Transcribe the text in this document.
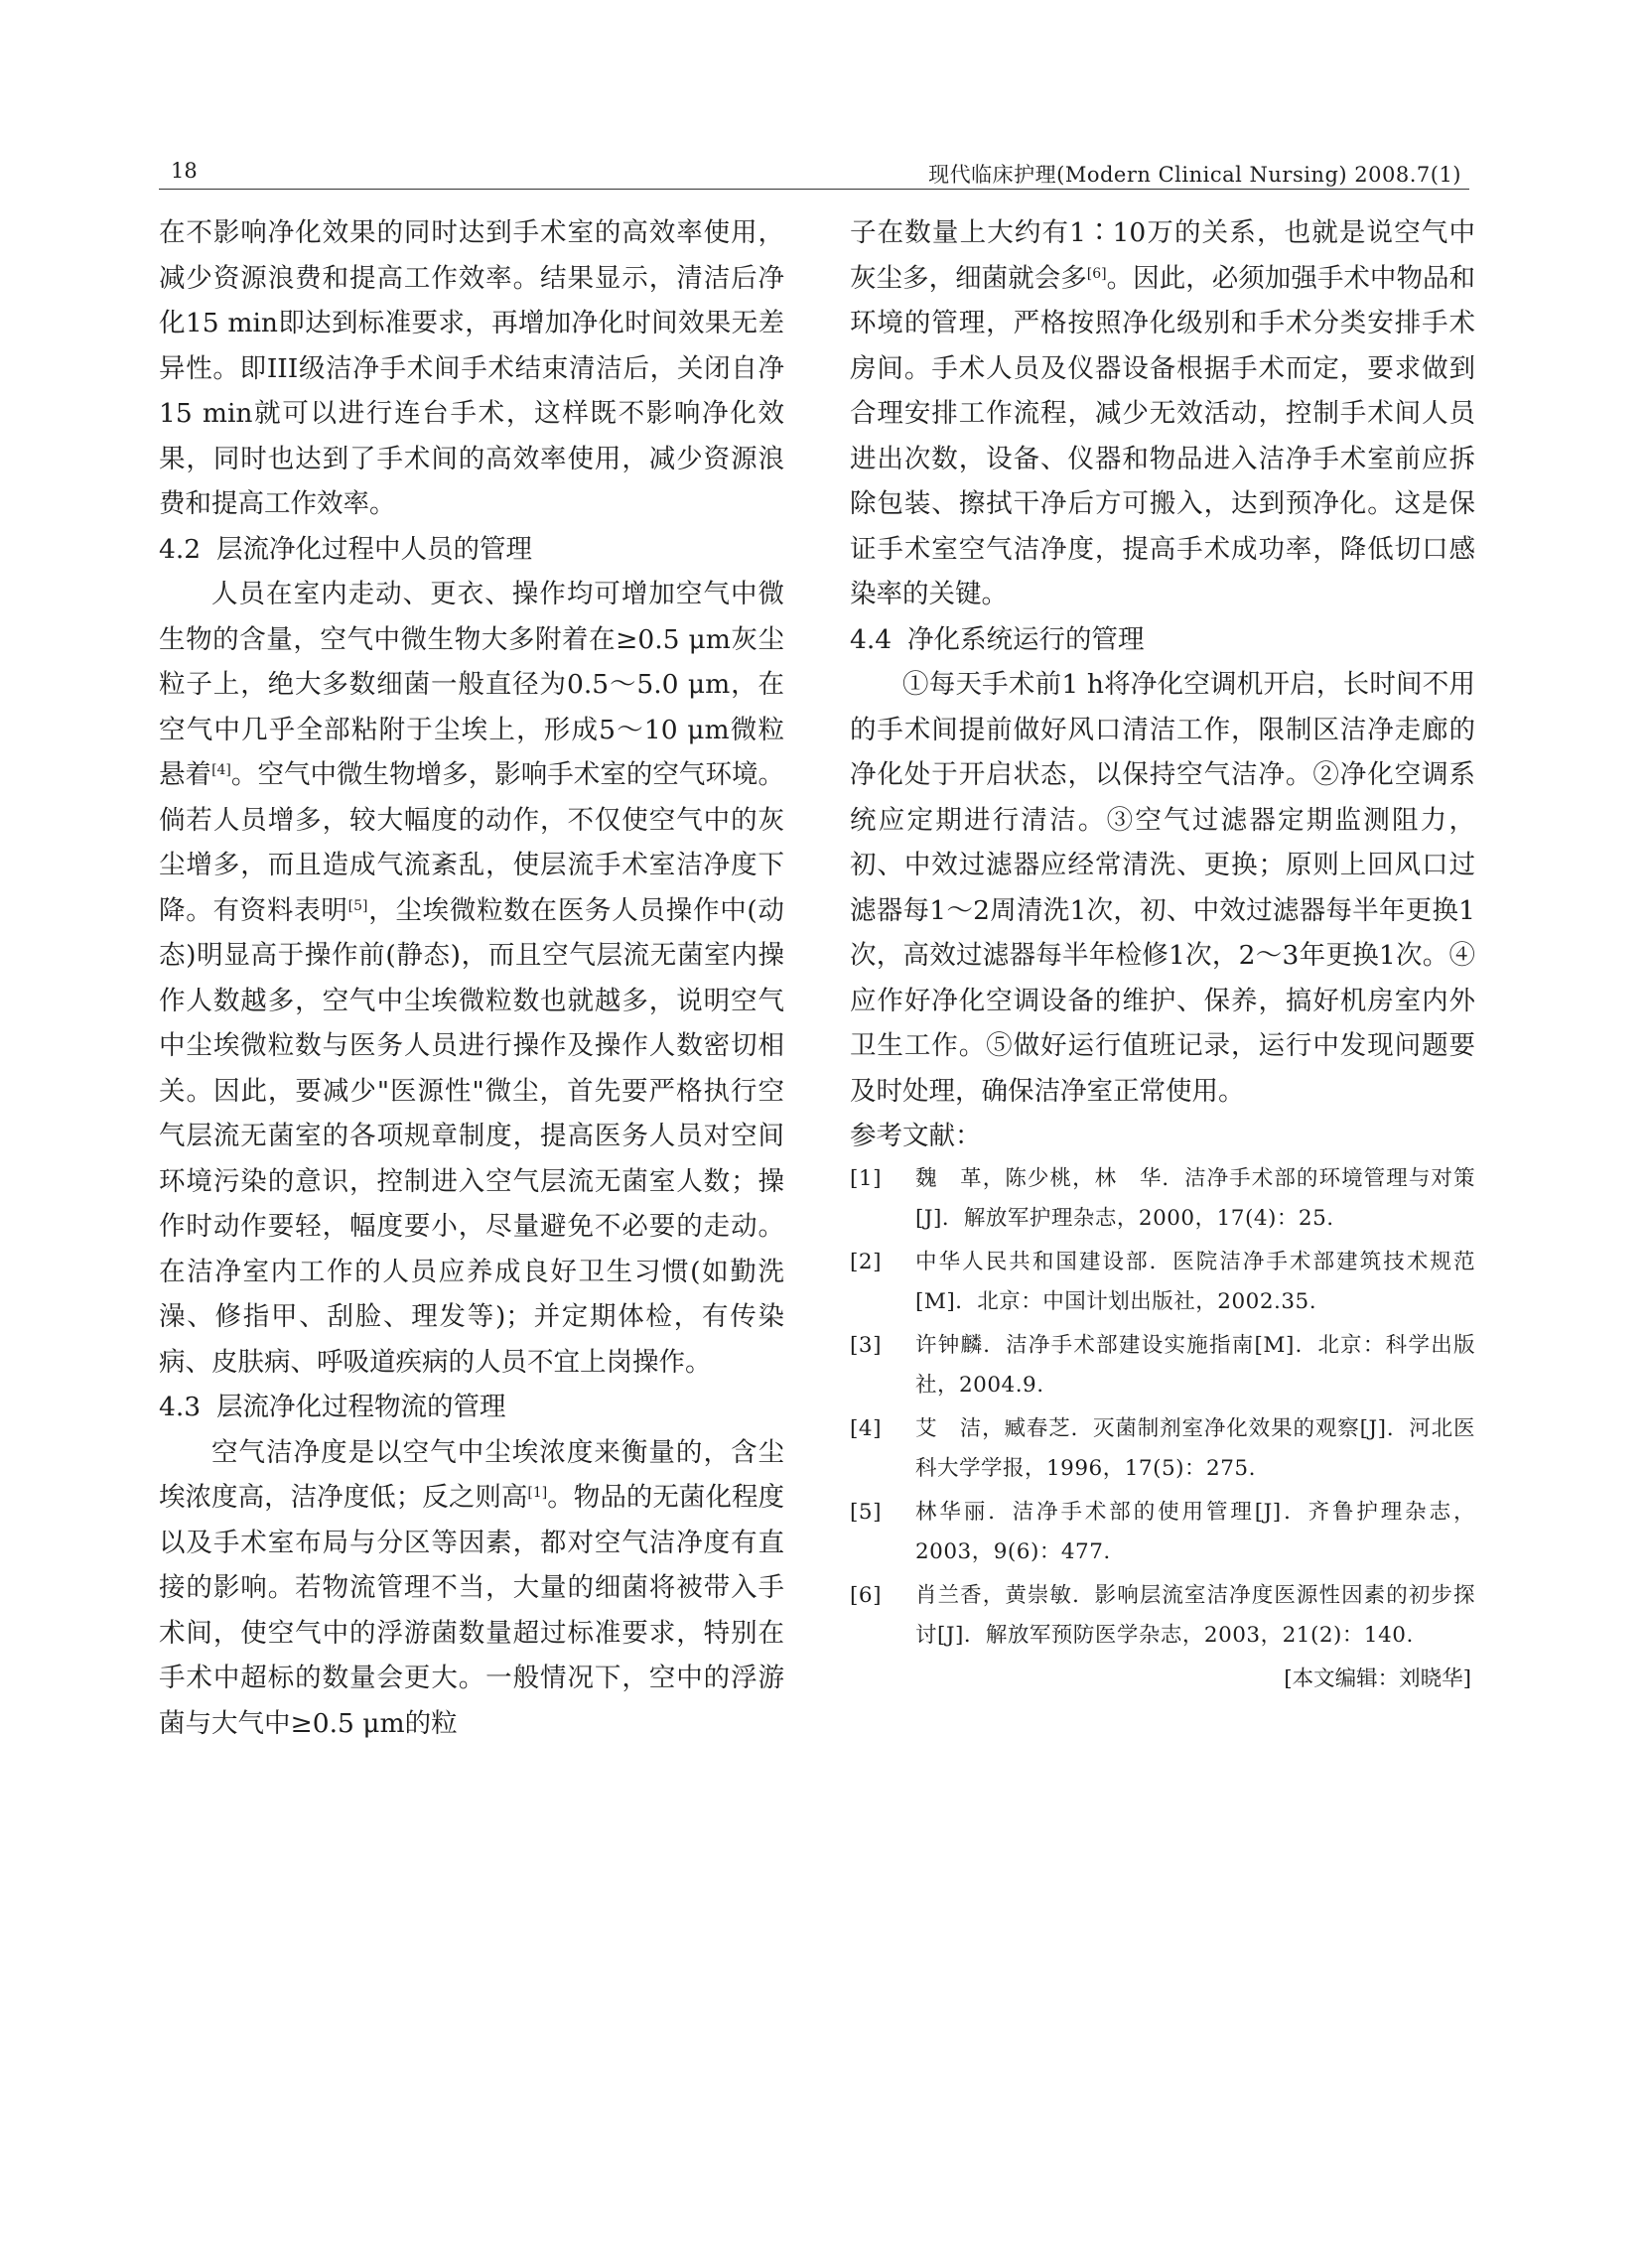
18	现代临床护理(Modern Clinical Nursing) 2008.7(1)

在不影响净化效果的同时达到手术室的高效率使用，减少资源浪费和提高工作效率。结果显示，清洁后净化15 min即达到标准要求，再增加净化时间效果无差异性。即III级洁净手术间手术结束清洁后，关闭自净15 min就可以进行连台手术，这样既不影响净化效果，同时也达到了手术间的高效率使用，减少资源浪费和提高工作效率。

4.2 层流净化过程中人员的管理

人员在室内走动、更衣、操作均可增加空气中微生物的含量，空气中微生物大多附着在≥0.5 μm灰尘粒子上，绝大多数细菌一般直径为0.5～5.0 μm，在空气中几乎全部粘附于尘埃上，形成5～10 μm微粒悬着[4]。空气中微生物增多，影响手术室的空气环境。倘若人员增多，较大幅度的动作，不仅使空气中的灰尘增多，而且造成气流紊乱，使层流手术室洁净度下降。有资料表明[5]，尘埃微粒数在医务人员操作中(动态)明显高于操作前(静态)，而且空气层流无菌室内操作人数越多，空气中尘埃微粒数也就越多，说明空气中尘埃微粒数与医务人员进行操作及操作人数密切相关。因此，要减少"医源性"微尘，首先要严格执行空气层流无菌室的各项规章制度，提高医务人员对空间环境污染的意识，控制进入空气层流无菌室人数；操作时动作要轻，幅度要小，尽量避免不必要的走动。在洁净室内工作的人员应养成良好卫生习惯(如勤洗澡、修指甲、刮脸、理发等)；并定期体检，有传染病、皮肤病、呼吸道疾病的人员不宜上岗操作。

4.3 层流净化过程物流的管理

空气洁净度是以空气中尘埃浓度来衡量的，含尘埃浓度高，洁净度低；反之则高[1]。物品的无菌化程度以及手术室布局与分区等因素，都对空气洁净度有直接的影响。若物流管理不当，大量的细菌将被带入手术间，使空气中的浮游菌数量超过标准要求，特别在手术中超标的数量会更大。一般情况下，空中的浮游菌与大气中≥0.5 μm的粒

子在数量上大约有1∶10万的关系，也就是说空气中灰尘多，细菌就会多[6]。因此，必须加强手术中物品和环境的管理，严格按照净化级别和手术分类安排手术房间。手术人员及仪器设备根据手术而定，要求做到合理安排工作流程，减少无效活动，控制手术间人员进出次数，设备、仪器和物品进入洁净手术室前应拆除包装、擦拭干净后方可搬入，达到预净化。这是保证手术室空气洁净度，提高手术成功率，降低切口感染率的关键。

4.4 净化系统运行的管理

①每天手术前1 h将净化空调机开启，长时间不用的手术间提前做好风口清洁工作，限制区洁净走廊的净化处于开启状态，以保持空气洁净。②净化空调系统应定期进行清洁。③空气过滤器定期监测阻力，初、中效过滤器应经常清洗、更换；原则上回风口过滤器每1～2周清洗1次，初、中效过滤器每半年更换1次，高效过滤器每半年检修1次，2～3年更换1次。④应作好净化空调设备的维护、保养，搞好机房室内外卫生工作。⑤做好运行值班记录，运行中发现问题要及时处理，确保洁净室正常使用。

参考文献：

[1] 魏　革，陈少桃，林　华．洁净手术部的环境管理与对策[J]．解放军护理杂志，2000，17(4)：25.
[2] 中华人民共和国建设部．医院洁净手术部建筑技术规范[M]．北京：中国计划出版社，2002.35.
[3] 许钟麟．洁净手术部建设实施指南[M]．北京：科学出版社，2004.9.
[4] 艾　洁，臧春芝．灭菌制剂室净化效果的观察[J]．河北医科大学学报，1996，17(5)：275.
[5] 林华丽．洁净手术部的使用管理[J]．齐鲁护理杂志，2003，9(6)：477.
[6] 肖兰香，黄崇敏．影响层流室洁净度医源性因素的初步探讨[J]．解放军预防医学杂志，2003，21(2)：140.
[本文编辑：刘晓华]
